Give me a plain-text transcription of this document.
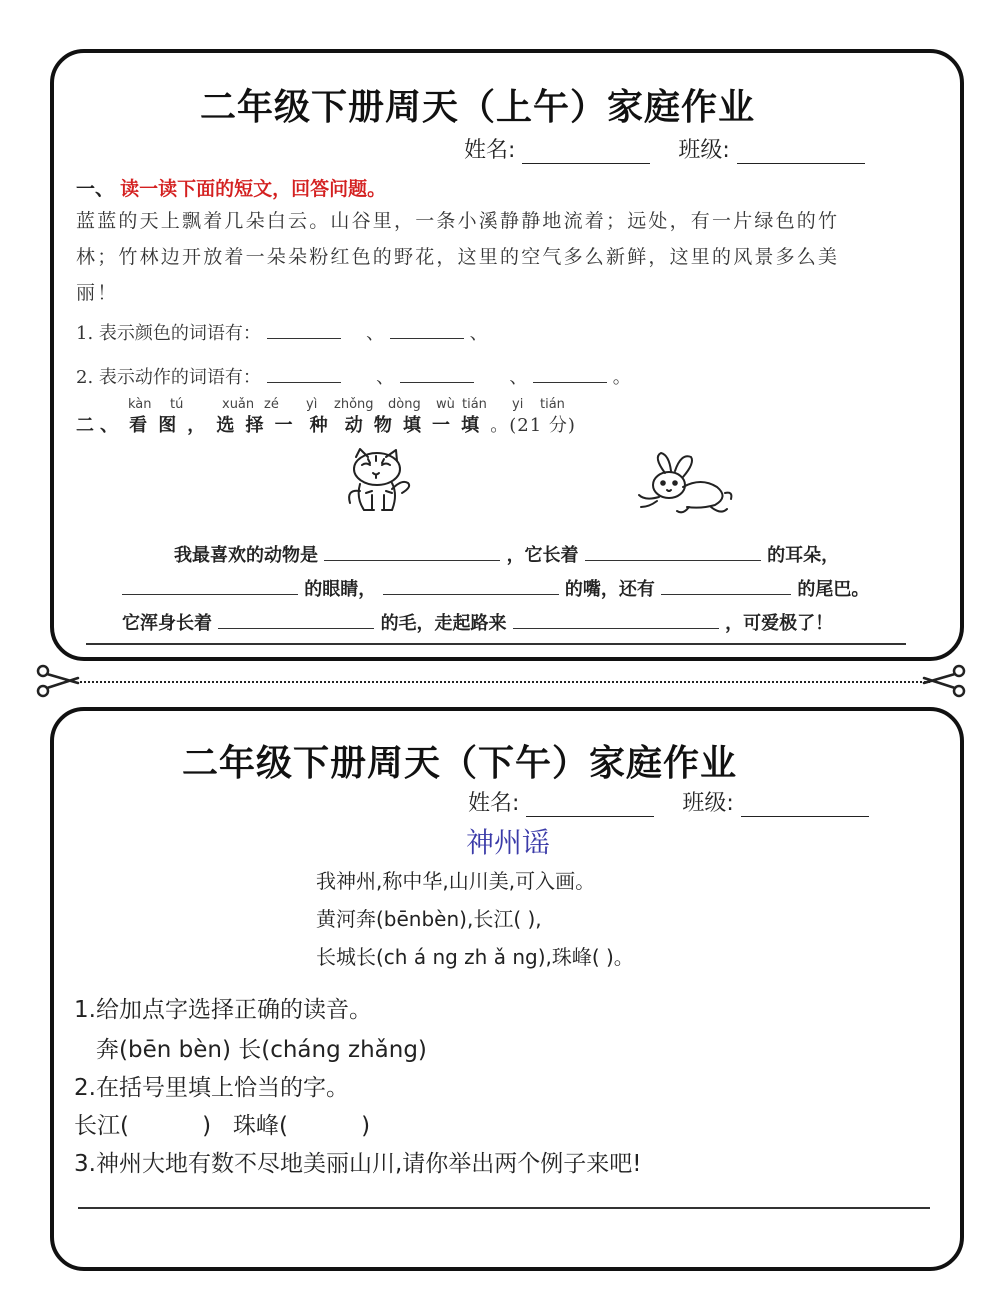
二年级下册周天（上午）家庭作业
姓名:	班级:
一、 读一读下面的短文，回答问题。
蓝蓝的天上飘着几朵白云。山谷里，一条小溪静静地流着；远处，有一片绿色的竹
林；竹林边开放着一朵朵粉红色的野花，这里的空气多么新鲜，这里的风景多么美
丽！
1. 表示颜色的词语有：	、	、
2. 表示动作的词语有：	、	、	。
kàn tú	xuǎn zé yì zhǒng dòng wù tián yi tián
二、 看 图 ， 选 择 一 种 动 物 填 一 填 。(21 分)
我最喜欢的动物是	，它长着	的耳朵，
的眼睛，	的嘴，还有	的尾巴。
它浑身长着	的毛，走起路来	，可爱极了！
二年级下册周天（下午）家庭作业
姓名:	班级:
神州谣
我神州,称中华,山川美,可入画。
黄河奔(bēnbèn),长江( ),
长城长(ch á ng zh ǎ ng),珠峰( )。
1.给加点字选择正确的读音。
奔(bēn bèn) 长(cháng zhǎng)
2.在括号里填上恰当的字。
长江(          )   珠峰(          )
3.神州大地有数不尽地美丽山川,请你举出两个例子来吧!
